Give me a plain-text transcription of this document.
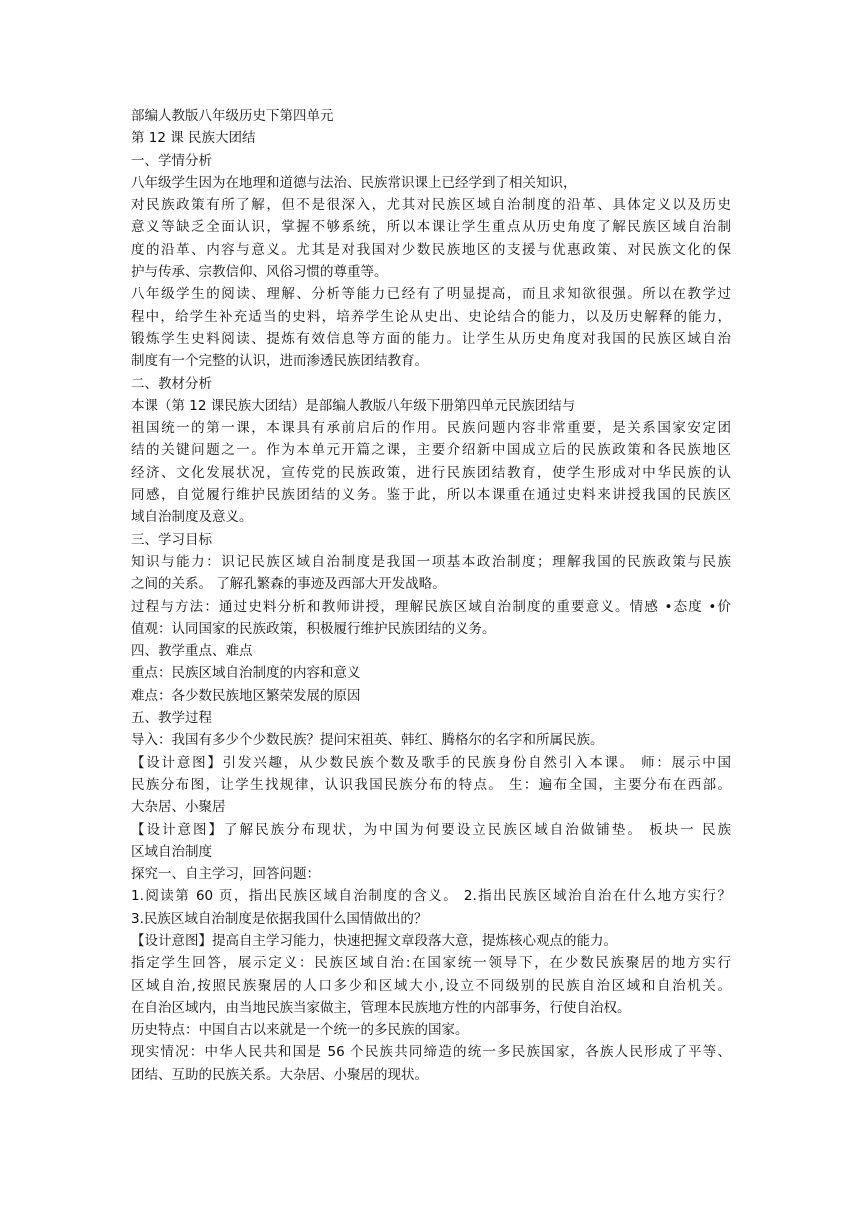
部编人教版八年级历史下第四单元
第 12 课 民族大团结
一、学情分析
八年级学生因为在地理和道德与法治、民族常识课上已经学到了相关知识，
对民族政策有所了解，但不是很深入，尤其对民族区域自治制度的沿革、具体定义以及历史
意义等缺乏全面认识，掌握不够系统，所以本课让学生重点从历史角度了解民族区域自治制
度的沿革、内容与意义。尤其是对我国对少数民族地区的支援与优惠政策、对民族文化的保
护与传承、宗教信仰、风俗习惯的尊重等。
八年级学生的阅读、理解、分析等能力已经有了明显提高，而且求知欲很强。所以在教学过
程中，给学生补充适当的史料，培养学生论从史出、史论结合的能力，以及历史解释的能力，
锻炼学生史料阅读、提炼有效信息等方面的能力。让学生从历史角度对我国的民族区域自治
制度有一个完整的认识，进而渗透民族团结教育。
二、教材分析
本课（第 12 课民族大团结）是部编人教版八年级下册第四单元民族团结与
祖国统一的第一课，本课具有承前启后的作用。民族问题内容非常重要，是关系国家安定团
结的关键问题之一。作为本单元开篇之课，主要介绍新中国成立后的民族政策和各民族地区
经济、文化发展状况，宣传党的民族政策，进行民族团结教育，使学生形成对中华民族的认
同感，自觉履行维护民族团结的义务。鉴于此，所以本课重在通过史料来讲授我国的民族区
域自治制度及意义。
三、学习目标
知识与能力：识记民族区域自治制度是我国一项基本政治制度；理解我国的民族政策与民族
之间的关系。 了解孔繁森的事迹及西部大开发战略。
过程与方法：通过史料分析和教师讲授，理解民族区域自治制度的重要意义。情感 •态度 •价
值观：认同国家的民族政策，积极履行维护民族团结的义务。
四、教学重点、难点
重点：民族区域自治制度的内容和意义
难点：各少数民族地区繁荣发展的原因
五、教学过程
导入：我国有多少个少数民族？提问宋祖英、韩红、腾格尔的名字和所属民族。
【设计意图】引发兴趣，从少数民族个数及歌手的民族身份自然引入本课。 师：展示中国
民族分布图，让学生找规律，认识我国民族分布的特点。 生：遍布全国，主要分布在西部。
大杂居、小聚居
【设计意图】了解民族分布现状，为中国为何要设立民族区域自治做铺垫。 板块一 民族
区域自治制度
探究一、自主学习，回答问题：
1.阅读第 60 页，指出民族区域自治制度的含义。 2.指出民族区域治自治在什么地方实行？
3.民族区域自治制度是依据我国什么国情做出的？
【设计意图】提高自主学习能力，快速把握文章段落大意，提炼核心观点的能力。
指定学生回答，展示定义：民族区域自治:在国家统一领导下，在少数民族聚居的地方实行
区域自治,按照民族聚居的人口多少和区域大小,设立不同级别的民族自治区域和自治机关。
在自治区域内，由当地民族当家做主，管理本民族地方性的内部事务，行使自治权。
历史特点：中国自古以来就是一个统一的多民族的国家。
现实情况：中华人民共和国是 56 个民族共同缔造的统一多民族国家，各族人民形成了平等、
团结、互助的民族关系。大杂居、小聚居的现状。
